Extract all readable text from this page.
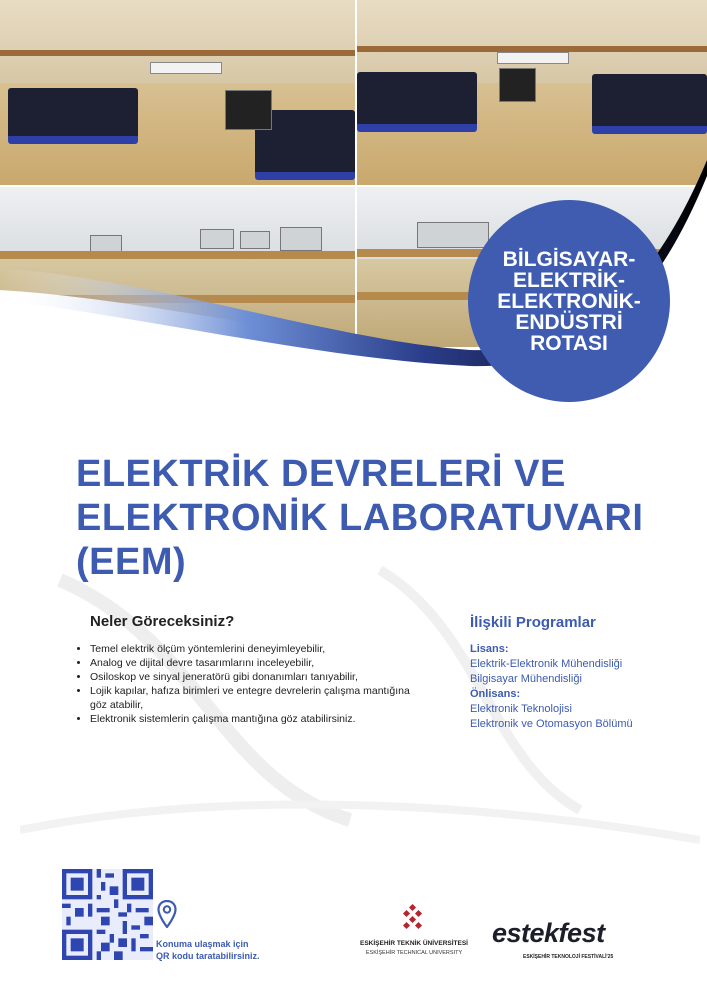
BİLGİSAYAR-
ELEKTRİK-
ELEKTRONİK-
ENDÜSTRİ
ROTASI
ELEKTRİK DEVRELERİ VE
ELEKTRONİK LABORATUVARI
(EEM)
Neler Göreceksiniz?
• Temel elektrik ölçüm yöntemlerini deneyimleyebilir,
• Analog ve dijital devre tasarımlarını inceleyebilir,
• Osiloskop ve sinyal jeneratörü gibi donanımları tanıyabilir,
• Lojik kapılar, hafıza birimleri ve entegre devrelerin çalışma mantığına göz atabilir,
• Elektronik sistemlerin çalışma mantığına göz atabilirsiniz.
İlişkili Programlar
Lisans:
Elektrik-Elektronik Mühendisliği
Bilgisayar Mühendisliği
Önlisans:
Elektronik Teknolojisi
Elektronik ve Otomasyon Bölümü
Konuma ulaşmak için
QR kodu taratabilirsiniz.
ESKİŞEHİR TEKNİK ÜNİVERSİTESİ
ESKİŞEHİR TECHNICAL UNIVERSITY
estekfest
ESKİŞEHİR TEKNOLOJİ FESTİVALİ'25
